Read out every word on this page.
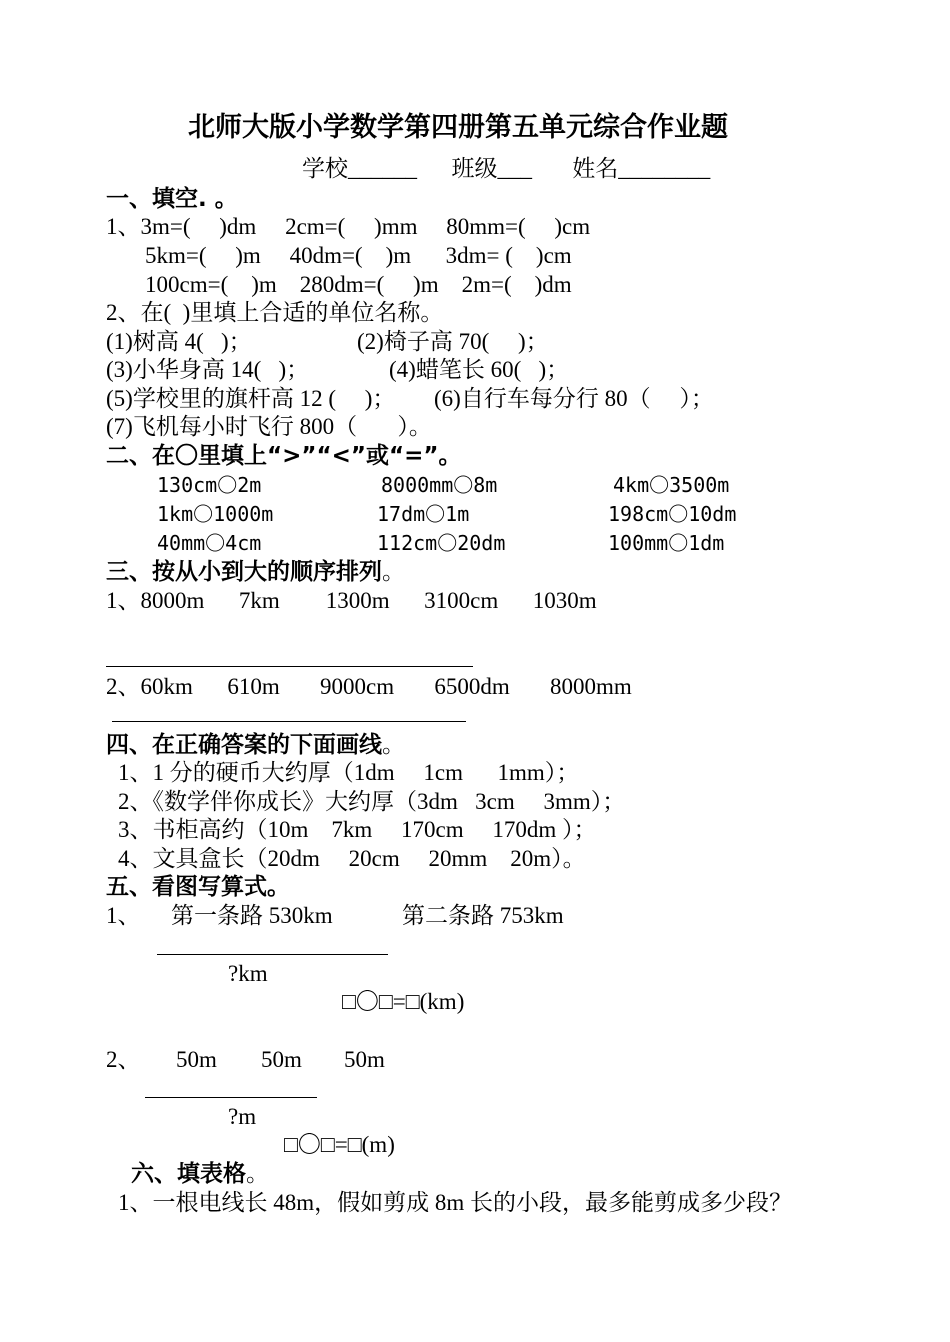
北师大版小学数学第四册第五单元综合作业题
学校______      班级___       姓名________
一、填空. 。
1、3m=(     )dm     2cm=(     )mm     80mm=(     )cm
5km=(     )m     40dm=(    )m      3dm= (    )cm
100cm=(    )m    280dm=(     )m    2m=(    )dm
2、在(  )里填上合适的单位名称。
(1)树高 4(   )；	(2)椅子高 70(     )；
(3)小华身高 14(   )；	(4)蜡笔长 60(   )；
(5)学校里的旗杆高 12 (     )； (6)自行车每分行 80（     ）；
(7)飞机每小时飞行 800（       ）。
二、在〇里填上“>”“<”或“=”。
130cm〇2m	8000mm〇8m	4km〇3500m
1km〇1000m	17dm〇1m	198cm〇10dm
40mm〇4cm	112cm〇20dm	100mm〇1dm
三、按从小到大的顺序排列。
1、8000m      7km        1300m      3100cm      1030m
2、60km      610m       9000cm       6500dm       8000mm
四、在正确答案的下面画线。
1、1 分的硬币大约厚（1dm     1cm      1mm）；
2、《数学伴你成长》大约厚（3dm   3cm     3mm）；
3、书柜高约（10m    7km     170cm     170dm ）；
4、文具盒长（20dm     20cm     20mm    20m）。
五、看图写算式。
1、 第一条路 530km	第二条路 753km
?km
□〇□=□(km)
2、 50m 50m 50m
?m
□〇□=□(m)
六、填表格。
1、一根电线长 48m，假如剪成 8m 长的小段，最多能剪成多少段？
